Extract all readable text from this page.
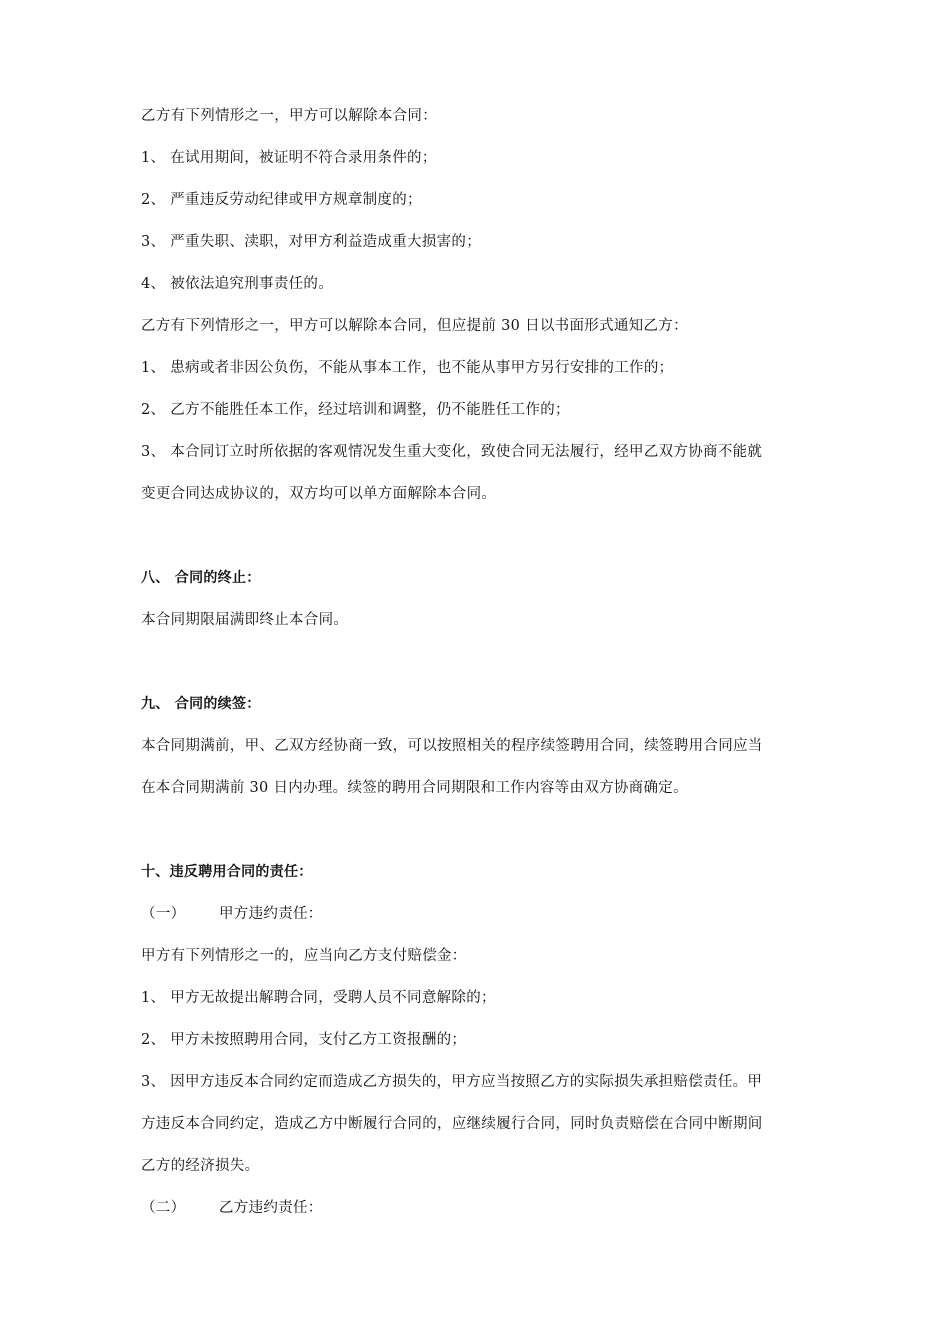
乙方有下列情形之一，甲方可以解除本合同：
1、 在试用期间，被证明不符合录用条件的；
2、 严重违反劳动纪律或甲方规章制度的；
3、 严重失职、渎职，对甲方利益造成重大损害的；
4、 被依法追究刑事责任的。
乙方有下列情形之一，甲方可以解除本合同，但应提前 30 日以书面形式通知乙方：
1、 患病或者非因公负伤，不能从事本工作，也不能从事甲方另行安排的工作的；
2、 乙方不能胜任本工作，经过培训和调整，仍不能胜任工作的；
3、 本合同订立时所依据的客观情况发生重大变化，致使合同无法履行，经甲乙双方协商不能就
变更合同达成协议的，双方均可以单方面解除本合同。
八、 合同的终止：
本合同期限届满即终止本合同。
九、 合同的续签：
本合同期满前，甲、乙双方经协商一致，可以按照相关的程序续签聘用合同，续签聘用合同应当
在本合同期满前 30 日内办理。续签的聘用合同期限和工作内容等由双方协商确定。
十、违反聘用合同的责任：
（一） 甲方违约责任：
甲方有下列情形之一的，应当向乙方支付赔偿金：
1、 甲方无故提出解聘合同，受聘人员不同意解除的；
2、 甲方未按照聘用合同，支付乙方工资报酬的；
3、 因甲方违反本合同约定而造成乙方损失的，甲方应当按照乙方的实际损失承担赔偿责任。甲
方违反本合同约定，造成乙方中断履行合同的，应继续履行合同，同时负责赔偿在合同中断期间
乙方的经济损失。
（二） 乙方违约责任：
